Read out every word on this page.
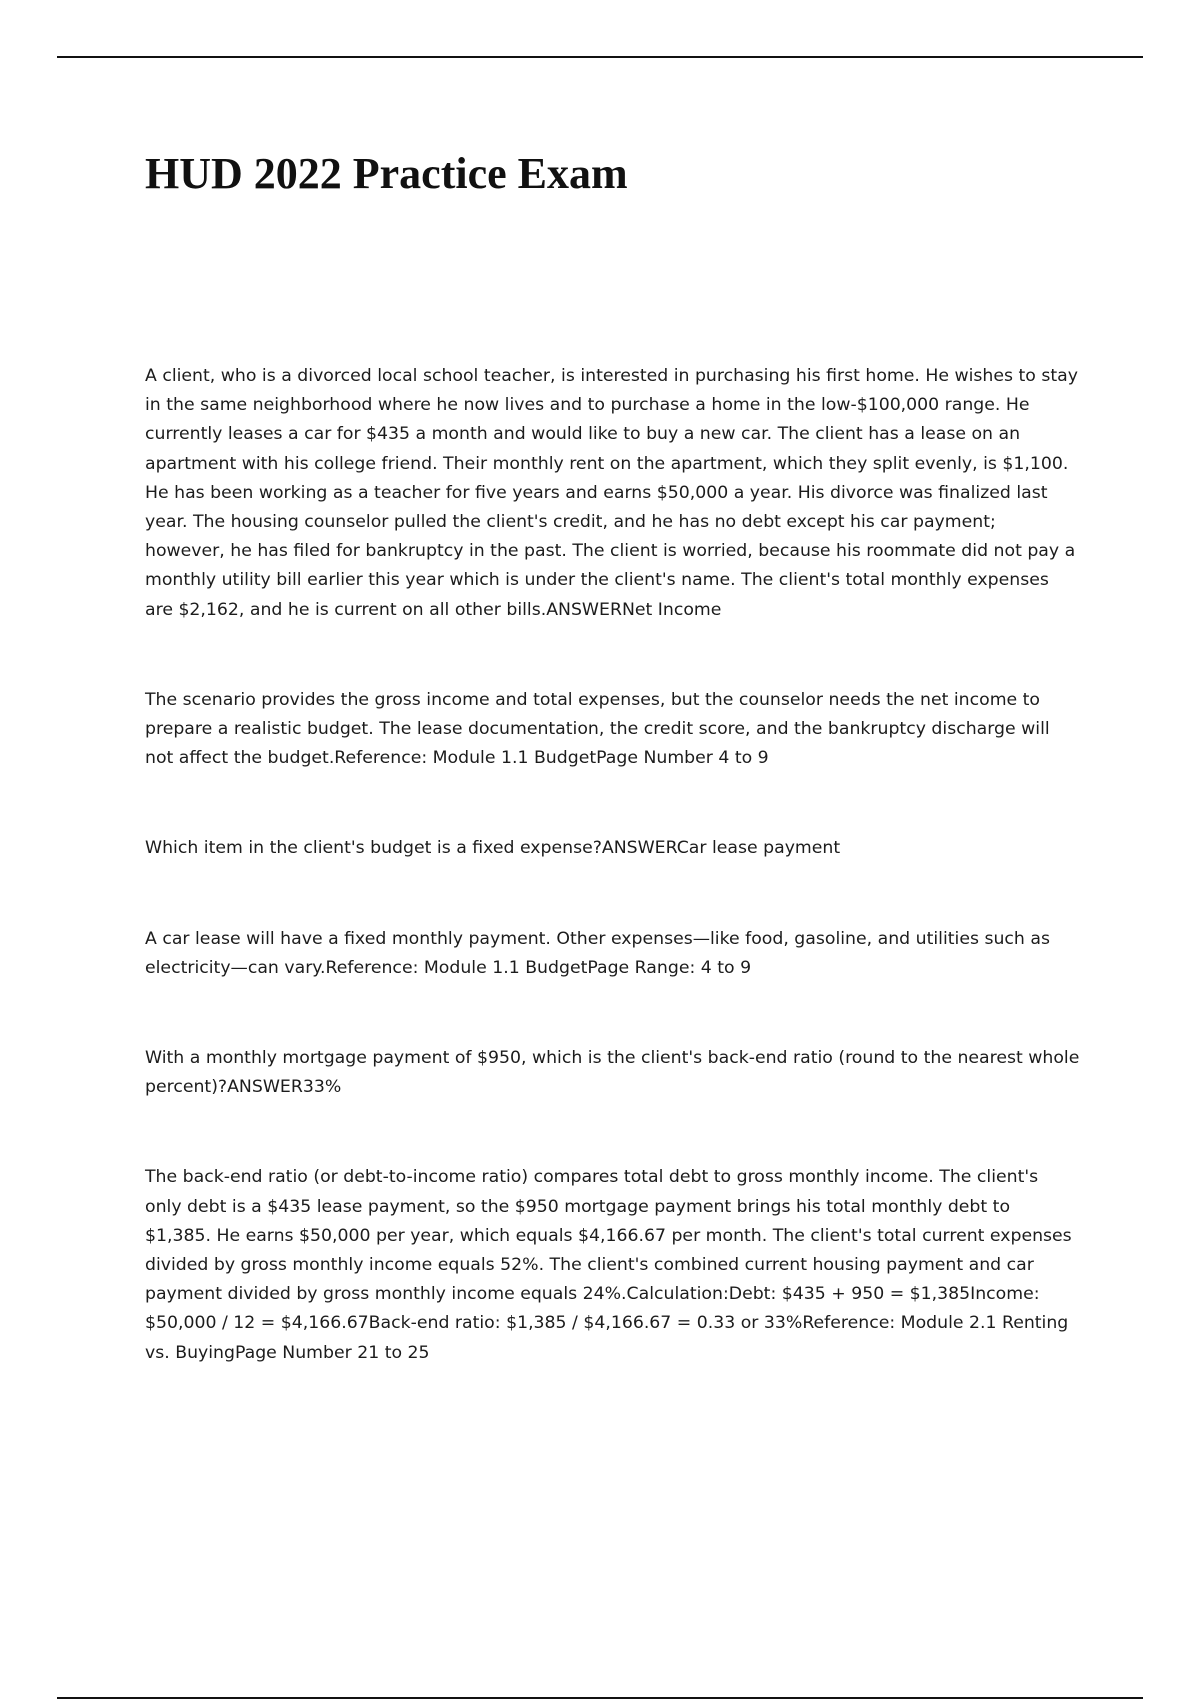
HUD 2022 Practice Exam

A client, who is a divorced local school teacher, is interested in purchasing his first home. He wishes to stay in the same neighborhood where he now lives and to purchase a home in the low-$100,000 range. He currently leases a car for $435 a month and would like to buy a new car. The client has a lease on an apartment with his college friend. Their monthly rent on the apartment, which they split evenly, is $1,100. He has been working as a teacher for five years and earns $50,000 a year. His divorce was finalized last year. The housing counselor pulled the client's credit, and he has no debt except his car payment; however, he has filed for bankruptcy in the past. The client is worried, because his roommate did not pay a monthly utility bill earlier this year which is under the client's name. The client's total monthly expenses are $2,162, and he is current on all other bills.ANSWERNet Income

The scenario provides the gross income and total expenses, but the counselor needs the net income to prepare a realistic budget. The lease documentation, the credit score, and the bankruptcy discharge will not affect the budget.Reference: Module 1.1 BudgetPage Number 4 to 9

Which item in the client's budget is a fixed expense?ANSWERCar lease payment

A car lease will have a fixed monthly payment. Other expenses—like food, gasoline, and utilities such as electricity—can vary.Reference: Module 1.1 BudgetPage Range: 4 to 9

With a monthly mortgage payment of $950, which is the client's back-end ratio (round to the nearest whole percent)?ANSWER33%

The back-end ratio (or debt-to-income ratio) compares total debt to gross monthly income. The client's only debt is a $435 lease payment, so the $950 mortgage payment brings his total monthly debt to $1,385. He earns $50,000 per year, which equals $4,166.67 per month. The client's total current expenses divided by gross monthly income equals 52%. The client's combined current housing payment and car payment divided by gross monthly income equals 24%.Calculation:Debt: $435 + 950 = $1,385Income: $50,000 / 12 = $4,166.67Back-end ratio: $1,385 / $4,166.67 = 0.33 or 33%Reference: Module 2.1 Renting vs. BuyingPage Number 21 to 25
